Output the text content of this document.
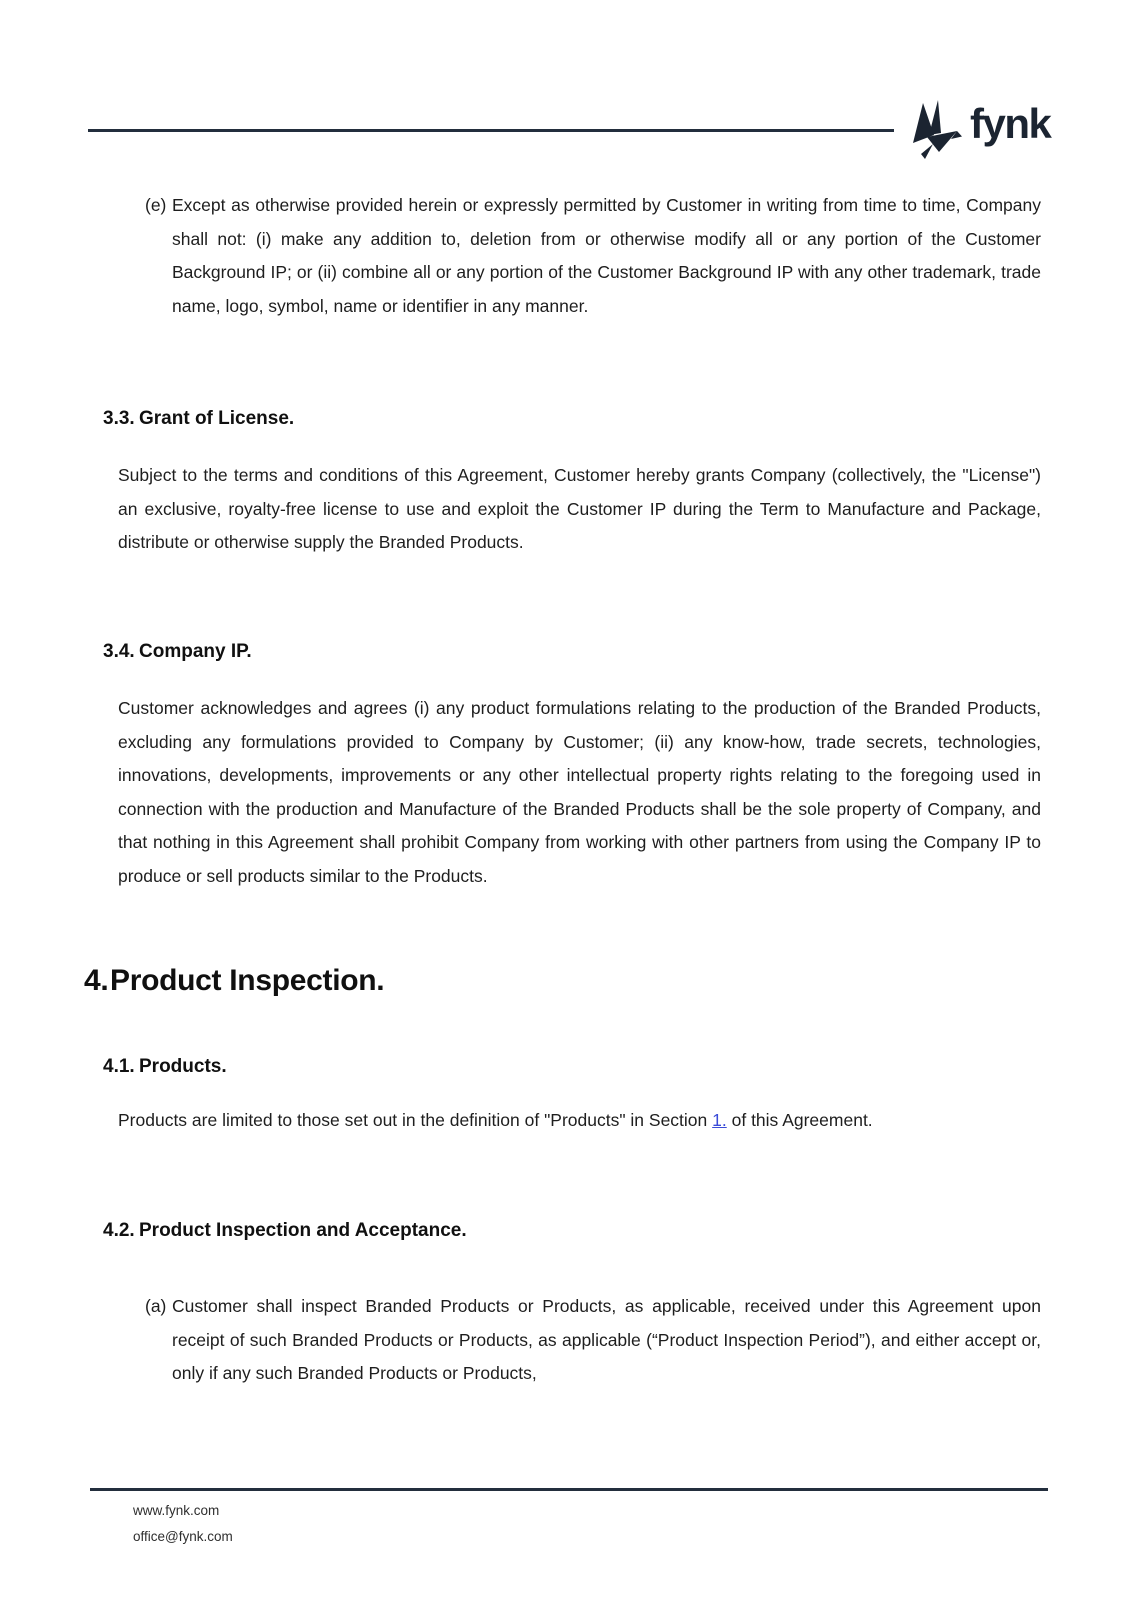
fynk
(e) Except as otherwise provided herein or expressly permitted by Customer in writing from time to time, Company shall not: (i) make any addition to, deletion from or otherwise modify all or any portion of the Customer Background IP; or (ii) combine all or any portion of the Customer Background IP with any other trademark, trade name, logo, symbol, name or identifier in any manner.
3.3. Grant of License.
Subject to the terms and conditions of this Agreement, Customer hereby grants Company (collectively, the "License") an exclusive, royalty-free license to use and exploit the Customer IP during the Term to Manufacture and Package, distribute or otherwise supply the Branded Products.
3.4. Company IP.
Customer acknowledges and agrees (i) any product formulations relating to the production of the Branded Products, excluding any formulations provided to Company by Customer; (ii) any know-how, trade secrets, technologies, innovations, developments, improvements or any other intellectual property rights relating to the foregoing used in connection with the production and Manufacture of the Branded Products shall be the sole property of Company, and that nothing in this Agreement shall prohibit Company from working with other partners from using the Company IP to produce or sell products similar to the Products.
4.Product Inspection.
4.1. Products.
Products are limited to those set out in the definition of "Products" in Section 1. of this Agreement.
4.2. Product Inspection and Acceptance.
(a) Customer shall inspect Branded Products or Products, as applicable, received under this Agreement upon receipt of such Branded Products or Products, as applicable (“Product Inspection Period”), and either accept or, only if any such Branded Products or Products,
www.fynk.com
office@fynk.com
